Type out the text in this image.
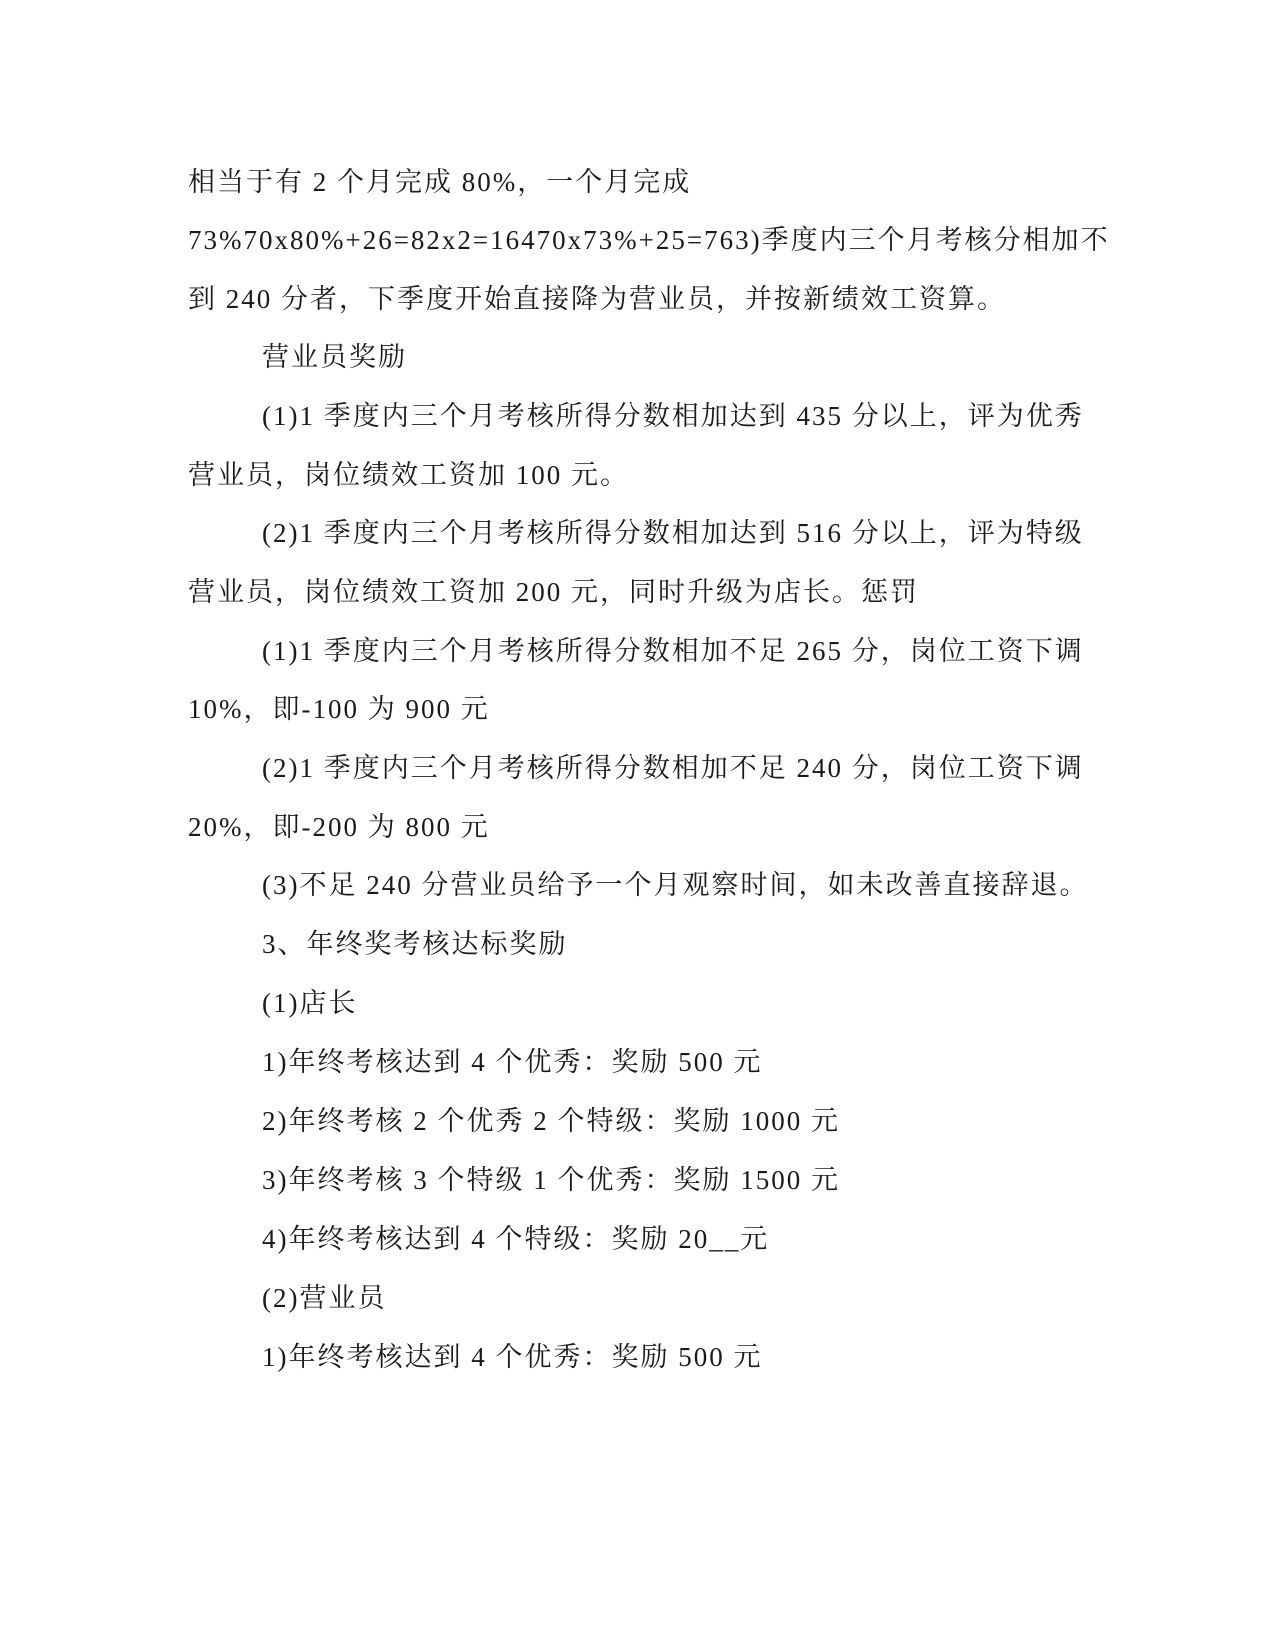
相当于有 2 个月完成 80%，一个月完成
73%70x80%+26=82x2=16470x73%+25=763)季度内三个月考核分相加不
到 240 分者，下季度开始直接降为营业员，并按新绩效工资算。
营业员奖励
(1)1 季度内三个月考核所得分数相加达到 435 分以上，评为优秀
营业员，岗位绩效工资加 100 元。
(2)1 季度内三个月考核所得分数相加达到 516 分以上，评为特级
营业员，岗位绩效工资加 200 元，同时升级为店长。惩罚
(1)1 季度内三个月考核所得分数相加不足 265 分，岗位工资下调
10%，即-100 为 900 元
(2)1 季度内三个月考核所得分数相加不足 240 分，岗位工资下调
20%，即-200 为 800 元
(3)不足 240 分营业员给予一个月观察时间，如未改善直接辞退。
3、年终奖考核达标奖励
(1)店长
1)年终考核达到 4 个优秀：奖励 500 元
2)年终考核 2 个优秀 2 个特级：奖励 1000 元
3)年终考核 3 个特级 1 个优秀：奖励 1500 元
4)年终考核达到 4 个特级：奖励 20__元
(2)营业员
1)年终考核达到 4 个优秀：奖励 500 元
